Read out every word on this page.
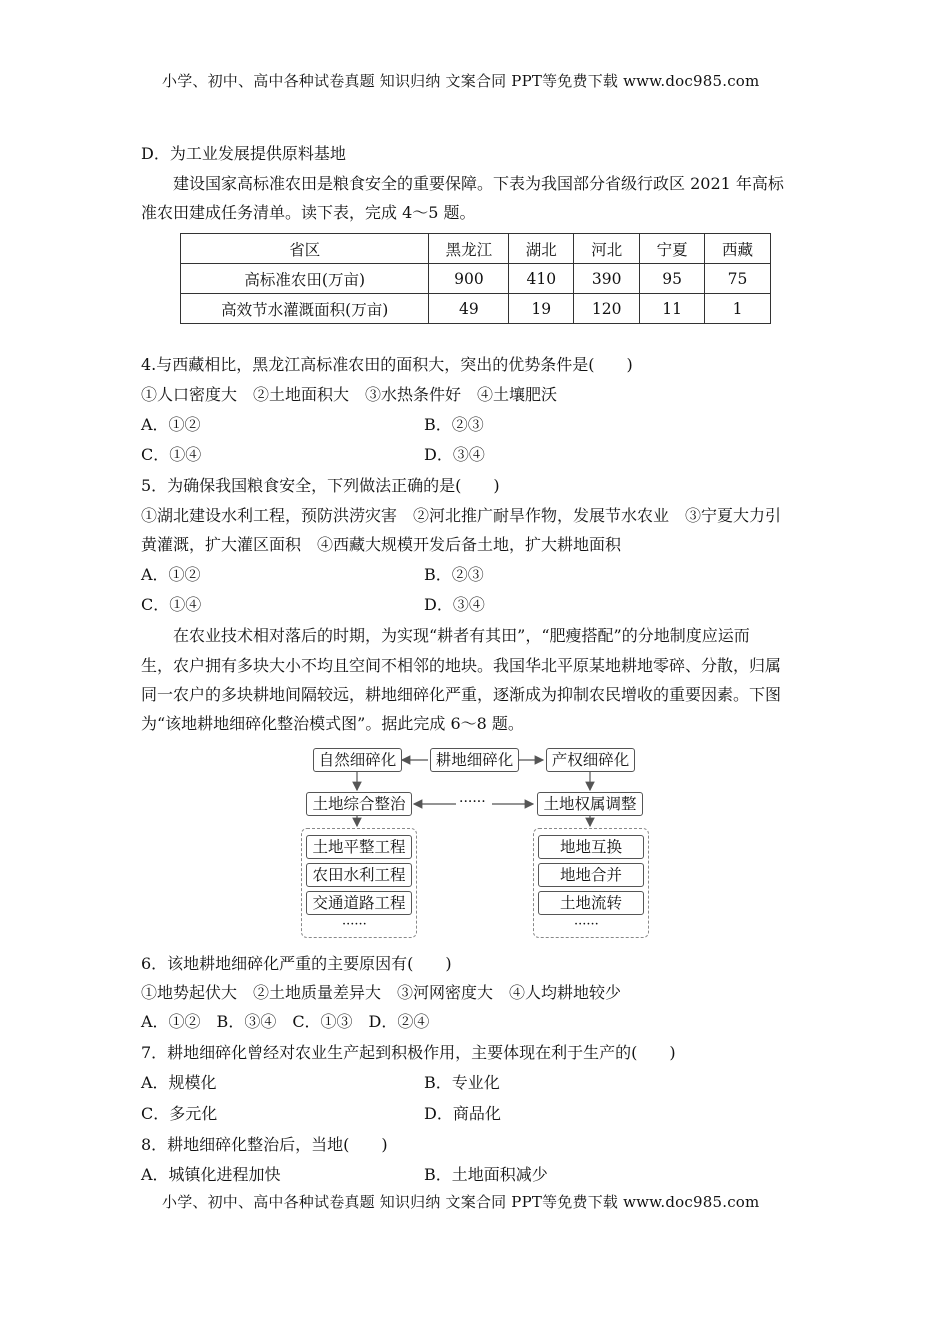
小学、初中、高中各种试卷真题 知识归纳 文案合同 PPT等免费下载 www.doc985.com
小学、初中、高中各种试卷真题 知识归纳 文案合同 PPT等免费下载 www.doc985.com
D．为工业发展提供原料基地
建设国家高标准农田是粮食安全的重要保障。下表为我国部分省级行政区 2021 年高标
准农田建成任务清单。读下表，完成 4～5 题。
省区	黑龙江	湖北	河北	宁夏	西藏
高标准农田(万亩)	900	410	390	95	75
高效节水灌溉面积(万亩)	49	19	120	11	1
4.与西藏相比，黑龙江高标准农田的面积大，突出的优势条件是(　　)
①人口密度大　②土地面积大　③水热条件好　④土壤肥沃
A．①②	B．②③
C．①④	D．③④
5．为确保我国粮食安全，下列做法正确的是(　　)
①湖北建设水利工程，预防洪涝灾害　②河北推广耐旱作物，发展节水农业　③宁夏大力引
黄灌溉，扩大灌区面积　④西藏大规模开发后备土地，扩大耕地面积
A．①②	B．②③
C．①④	D．③④
在农业技术相对落后的时期，为实现“耕者有其田”，“肥瘦搭配”的分地制度应运而
生，农户拥有多块大小不均且空间不相邻的地块。我国华北平原某地耕地零碎、分散，归属
同一农户的多块耕地间隔较远，耕地细碎化严重，逐渐成为抑制农民增收的重要因素。下图
为“该地耕地细碎化整治模式图”。据此完成 6～8 题。
自然细碎化	耕地细碎化	产权细碎化
土地综合整治	······	土地权属调整
土地平整工程
农田水利工程
交通道路工程
······
地地互换
地地合并
土地流转
······
6．该地耕地细碎化严重的主要原因有(　　)
①地势起伏大　②土地质量差异大　③河网密度大　④人均耕地较少
A．①②　B．③④　C．①③　D．②④
7．耕地细碎化曾经对农业生产起到积极作用，主要体现在利于生产的(　　)
A．规模化	B．专业化
C．多元化	D．商品化
8．耕地细碎化整治后，当地(　　)
A．城镇化进程加快	B．土地面积减少
